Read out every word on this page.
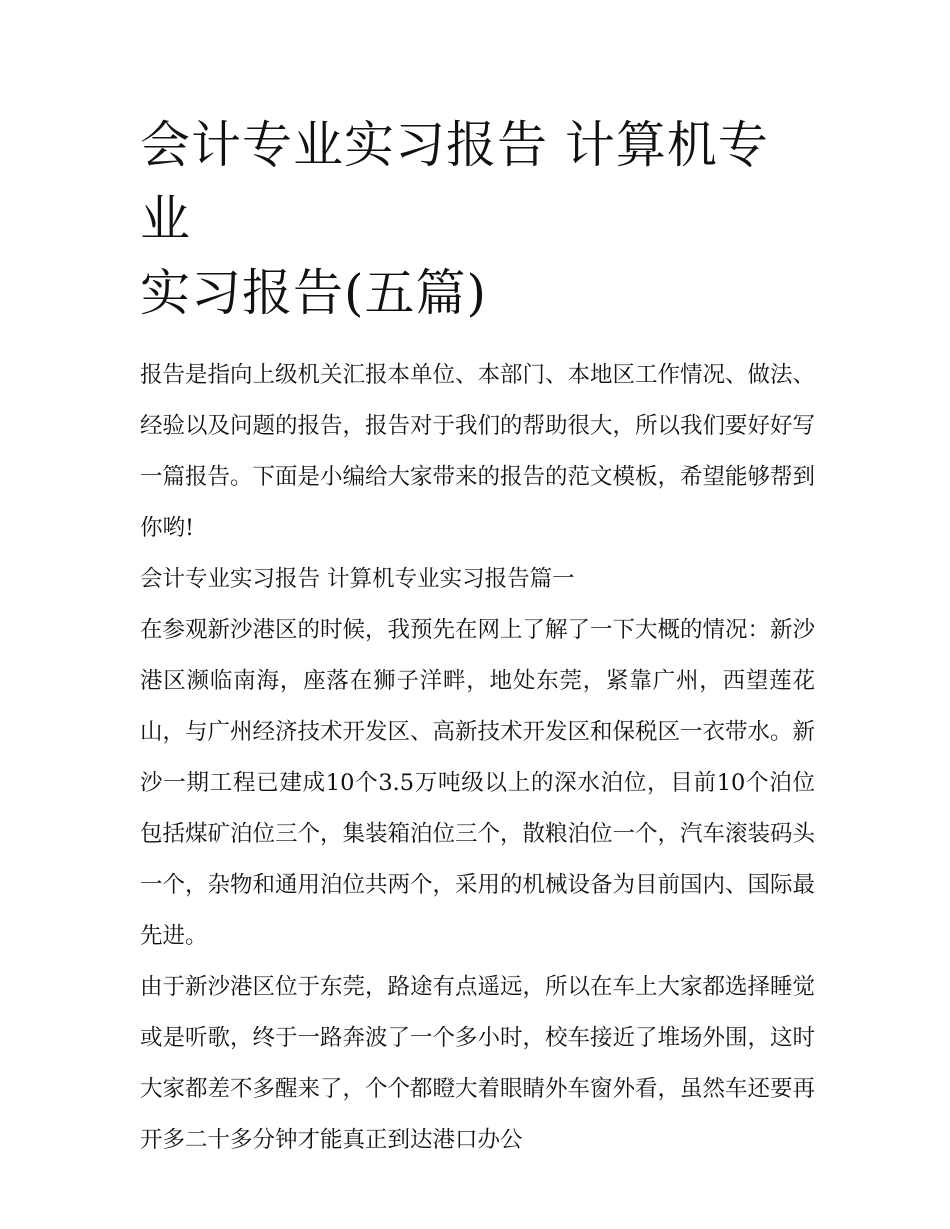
会计专业实习报告 计算机专业
实习报告(五篇)

报告是指向上级机关汇报本单位、本部门、本地区工作情况、做法、经验以及问题的报告，报告对于我们的帮助很大，所以我们要好好写一篇报告。下面是小编给大家带来的报告的范文模板，希望能够帮到你哟!

会计专业实习报告 计算机专业实习报告篇一

在参观新沙港区的时候，我预先在网上了解了一下大概的情况：新沙港区濒临南海，座落在狮子洋畔，地处东莞，紧靠广州，西望莲花山，与广州经济技术开发区、高新技术开发区和保税区一衣带水。新沙一期工程已建成10个3.5万吨级以上的深水泊位，目前10个泊位包括煤矿泊位三个，集装箱泊位三个，散粮泊位一个，汽车滚装码头一个，杂物和通用泊位共两个，采用的机械设备为目前国内、国际最先进。

由于新沙港区位于东莞，路途有点遥远，所以在车上大家都选择睡觉或是听歌，终于一路奔波了一个多小时，校车接近了堆场外围，这时大家都差不多醒来了，个个都瞪大着眼睛外车窗外看，虽然车还要再开多二十多分钟才能真正到达港口办公
